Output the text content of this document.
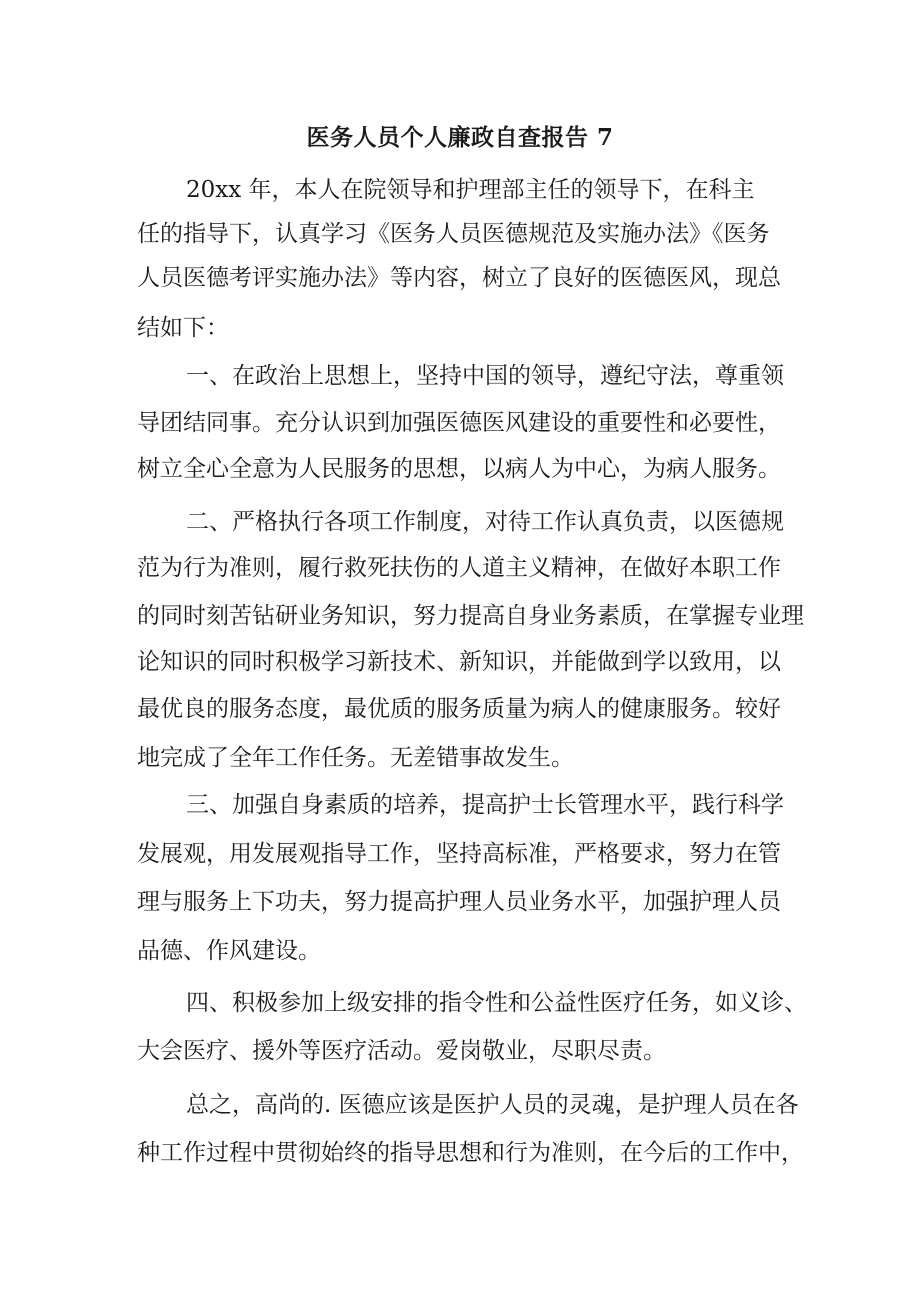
医务人员个人廉政自查报告 7

20xx 年，本人在院领导和护理部主任的领导下，在科主

任的指导下，认真学习《医务人员医德规范及实施办法》《医务

人员医德考评实施办法》等内容，树立了良好的医德医风，现总

结如下：

一、在政治上思想上，坚持中国的领导，遵纪守法，尊重领

导团结同事。充分认识到加强医德医风建设的重要性和必要性，

树立全心全意为人民服务的思想，以病人为中心，为病人服务。

二、严格执行各项工作制度，对待工作认真负责，以医德规

范为行为准则，履行救死扶伤的人道主义精神，在做好本职工作

的同时刻苦钻研业务知识，努力提高自身业务素质，在掌握专业理

论知识的同时积极学习新技术、新知识，并能做到学以致用，以

最优良的服务态度，最优质的服务质量为病人的健康服务。较好

地完成了全年工作任务。无差错事故发生。

三、加强自身素质的培养，提高护士长管理水平，践行科学

发展观，用发展观指导工作，坚持高标准，严格要求，努力在管

理与服务上下功夫，努力提高护理人员业务水平，加强护理人员

品德、作风建设。

四、积极参加上级安排的指令性和公益性医疗任务，如义诊、

大会医疗、援外等医疗活动。爱岗敬业，尽职尽责。

总之，高尚的. 医德应该是医护人员的灵魂，是护理人员在各

种工作过程中贯彻始终的指导思想和行为准则，在今后的工作中，
